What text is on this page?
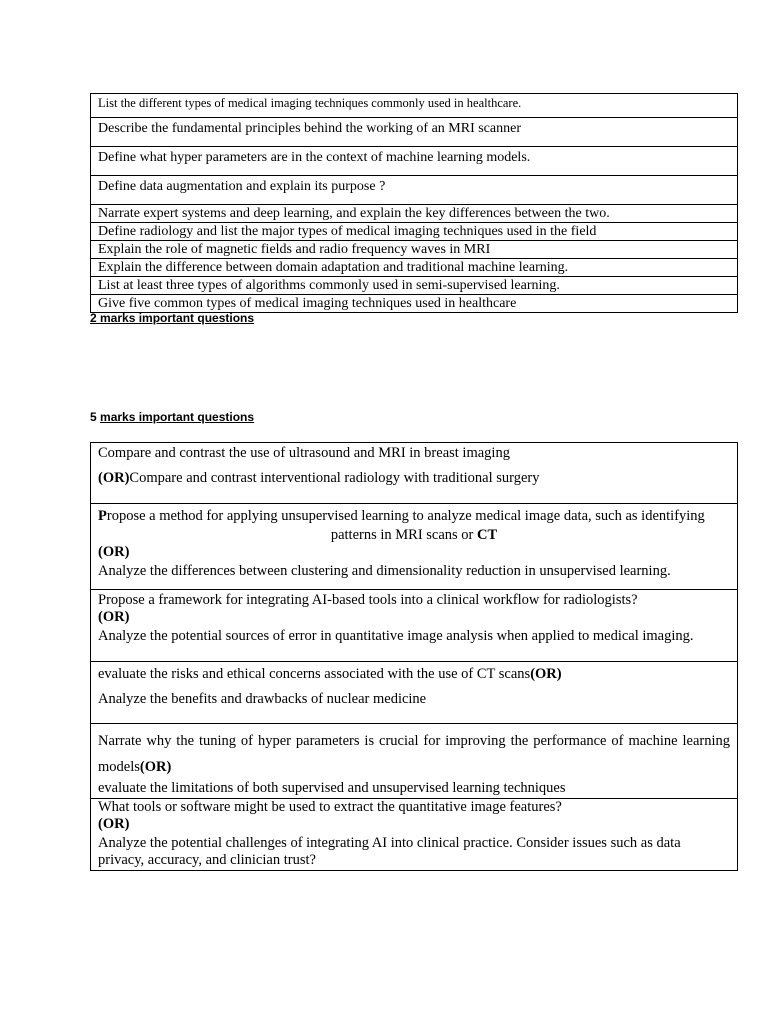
List the different types of medical imaging techniques commonly used in healthcare.
Describe the fundamental principles behind the working of an MRI scanner
Define what hyper parameters are in the context of machine learning models.
Define data augmentation and explain its purpose ?
Narrate expert systems and deep learning, and explain the key differences between the two.
Define radiology and list the major types of medical imaging techniques used in the field
Explain the role of magnetic fields and radio frequency waves in MRI
Explain the difference between domain adaptation and traditional machine learning.
List at least three types of algorithms commonly used in semi-supervised learning.
Give five common types of medical imaging techniques used in healthcare
2 marks important questions
5 marks important questions
Compare and contrast the use of ultrasound and MRI in breast imaging
(OR)Compare and contrast interventional radiology with traditional surgery

Propose a method for applying unsupervised learning to analyze medical image data, such as identifying
patterns in MRI scans or CT
(OR)
Analyze the differences between clustering and dimensionality reduction in unsupervised learning.

Propose a framework for integrating AI-based tools into a clinical workflow for radiologists?
(OR)
Analyze the potential sources of error in quantitative image analysis when applied to medical imaging.

evaluate the risks and ethical concerns associated with the use of CT scans(OR)
Analyze the benefits and drawbacks of nuclear medicine

Narrate why the tuning of hyper parameters is crucial for improving the performance of machine learning models(OR)
evaluate the limitations of both supervised and unsupervised learning techniques

What tools or software might be used to extract the quantitative image features?
(OR)
Analyze the potential challenges of integrating AI into clinical practice. Consider issues such as data privacy, accuracy, and clinician trust?
